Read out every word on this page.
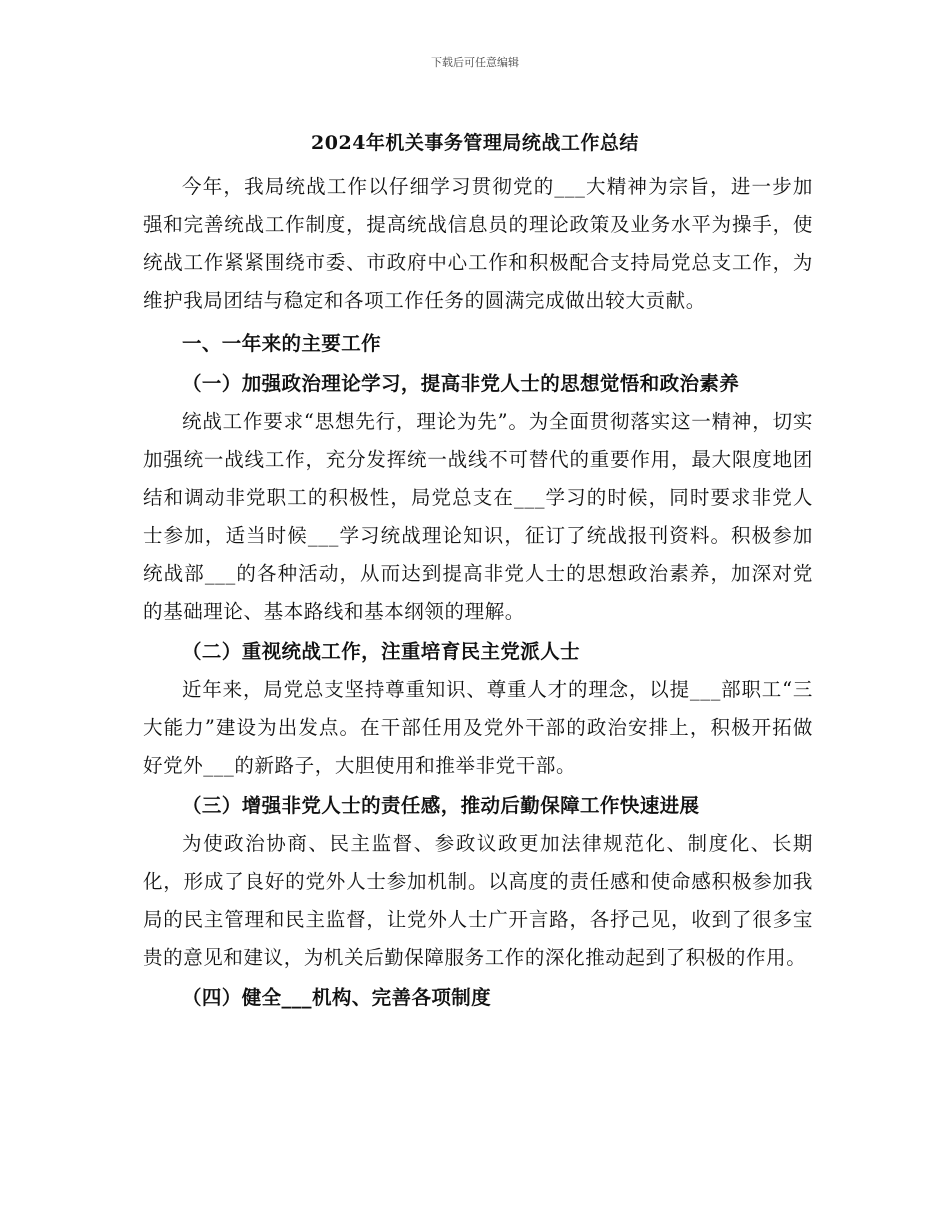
下载后可任意编辑
2024年机关事务管理局统战工作总结

今年，我局统战工作以仔细学习贯彻党的___大精神为宗旨，进一步加强和完善统战工作制度，提高统战信息员的理论政策及业务水平为操手，使统战工作紧紧围绕市委、市政府中心工作和积极配合支持局党总支工作，为维护我局团结与稳定和各项工作任务的圆满完成做出较大贡献。

一、一年来的主要工作

（一）加强政治理论学习，提高非党人士的思想觉悟和政治素养

统战工作要求“思想先行，理论为先”。为全面贯彻落实这一精神，切实加强统一战线工作，充分发挥统一战线不可替代的重要作用，最大限度地团结和调动非党职工的积极性，局党总支在___学习的时候，同时要求非党人士参加，适当时候___学习统战理论知识，征订了统战报刊资料。积极参加统战部___的各种活动，从而达到提高非党人士的思想政治素养，加深对党的基础理论、基本路线和基本纲领的理解。

（二）重视统战工作，注重培育民主党派人士

近年来，局党总支坚持尊重知识、尊重人才的理念，以提___部职工“三大能力”建设为出发点。在干部任用及党外干部的政治安排上，积极开拓做好党外___的新路子，大胆使用和推举非党干部。

（三）增强非党人士的责任感，推动后勤保障工作快速进展

为使政治协商、民主监督、参政议政更加法律规范化、制度化、长期化，形成了良好的党外人士参加机制。以高度的责任感和使命感积极参加我局的民主管理和民主监督，让党外人士广开言路，各抒己见，收到了很多宝贵的意见和建议，为机关后勤保障服务工作的深化推动起到了积极的作用。

（四）健全___机构、完善各项制度
